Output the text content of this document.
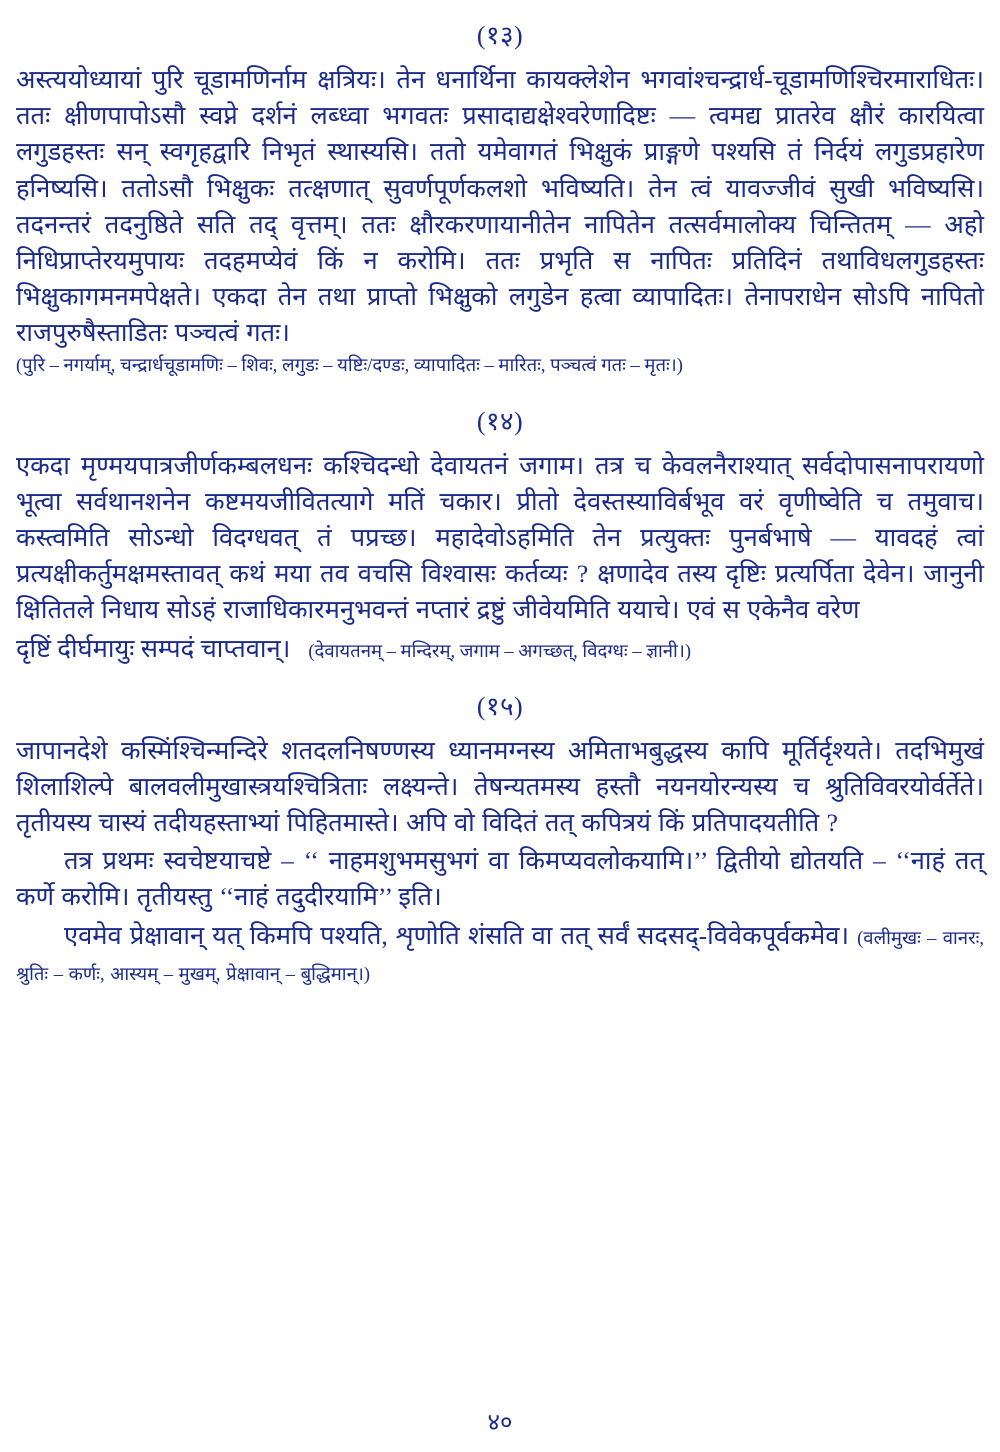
(१३)

अस्त्ययोध्यायां पुरि चूडामणिर्नाम क्षत्रियः। तेन धनार्थिना कायक्लेशेन भगवांश्चन्द्रार्ध-चूडामणिश्चिरमाराधितः। ततः क्षीणपापोऽसौ स्वप्ने दर्शनं लब्ध्वा भगवतः प्रसादाद्यक्षेश्वरेणादिष्टः — त्वमद्य प्रातरेव क्षौरं कारयित्वा लगुडहस्तः सन् स्वगृहद्वारि निभृतं स्थास्यसि। ततो यमेवागतं भिक्षुकं प्राङ्गणे पश्यसि तं निर्दयं लगुडप्रहारेण हनिष्यसि। ततोऽसौ भिक्षुकः तत्क्षणात् सुवर्णपूर्णकलशो भविष्यति। तेन त्वं यावज्जीवं सुखी भविष्यसि। तदनन्तरं तदनुष्ठिते सति तद् वृत्तम्। ततः क्षौरकरणायानीतेन नापितेन तत्सर्वमालोक्य चिन्तितम् — अहो निधिप्राप्तेरयमुपायः तदहमप्येवं किं न करोमि। ततः प्रभृति स नापितः प्रतिदिनं तथाविधलगुडहस्तः भिक्षुकागमनमपेक्षते। एकदा तेन तथा प्राप्तो भिक्षुको लगुडेन हत्वा व्यापादितः। तेनापराधेन सोऽपि नापितो राजपुरुषैस्ताडितः पञ्चत्वं गतः।

(पुरि – नगर्याम्, चन्द्रार्धचूडामणिः – शिवः, लगुडः – यष्टिः/दण्डः, व्यापादितः – मारितः, पञ्चत्वं गतः – मृतः।)

(१४)

एकदा मृण्मयपात्रजीर्णकम्बलधनः कश्चिदन्धो देवायतनं जगाम। तत्र च केवलनैराश्यात् सर्वदोपासनापरायणो भूत्वा सर्वथानशनेन कष्टमयजीवितत्यागे मतिं चकार। प्रीतो देवस्तस्याविर्बभूव वरं वृणीष्वेति च तमुवाच। कस्त्वमिति सोऽन्धो विदग्धवत् तं पप्रच्छ। महादेवोऽहमिति तेन प्रत्युक्तः पुनर्बभाषे — यावदहं त्वां प्रत्यक्षीकर्तुमक्षमस्तावत् कथं मया तव वचसि विश्वासः कर्तव्यः ? क्षणादेव तस्य दृष्टिः प्रत्यर्पिता देवेन। जानुनी क्षितितले निधाय सोऽहं राजाधिकारमनुभवन्तं नप्तारं द्रष्टुं जीवेयमिति ययाचे। एवं स एकेनैव वरेण

दृष्टिं दीर्घमायुः सम्पदं चाप्तवान्। (देवायतनम् – मन्दिरम्, जगाम – अगच्छत्, विदग्धः – ज्ञानी।)
(१५)

जापानदेशे कस्मिंश्चिन्मन्दिरे शतदलनिषण्णस्य ध्यानमग्नस्य अमिताभबुद्धस्य कापि मूर्तिर्दृश्यते। तदभिमुखं शिलाशिल्पे बालवलीमुखास्त्रयश्चित्रिताः लक्ष्यन्ते। तेषन्यतमस्य हस्तौ नयनयोरन्यस्य च श्रुतिविवरयोर्वर्तेते। तृतीयस्य चास्यं तदीयहस्ताभ्यां पिहितमास्ते। अपि वो विदितं तत् कपित्रयं किं प्रतिपादयतीति ?

तत्र प्रथमः स्वचेष्टयाचष्टे – ‘‘ नाहमशुभमसुभगं वा किमप्यवलोकयामि।’’ द्वितीयो द्योतयति – ‘‘नाहं तत् कर्णे करोमि। तृतीयस्तु ‘‘नाहं तदुदीरयामि’’ इति।

एवमेव प्रेक्षावान् यत् किमपि पश्यति, शृणोति शंसति वा तत् सर्वं सदसद्-विवेकपूर्वकमेव। (वलीमुखः – वानरः, श्रुतिः – कर्णः, आस्यम् – मुखम्, प्रेक्षावान् – बुद्धिमान्।)

४०
